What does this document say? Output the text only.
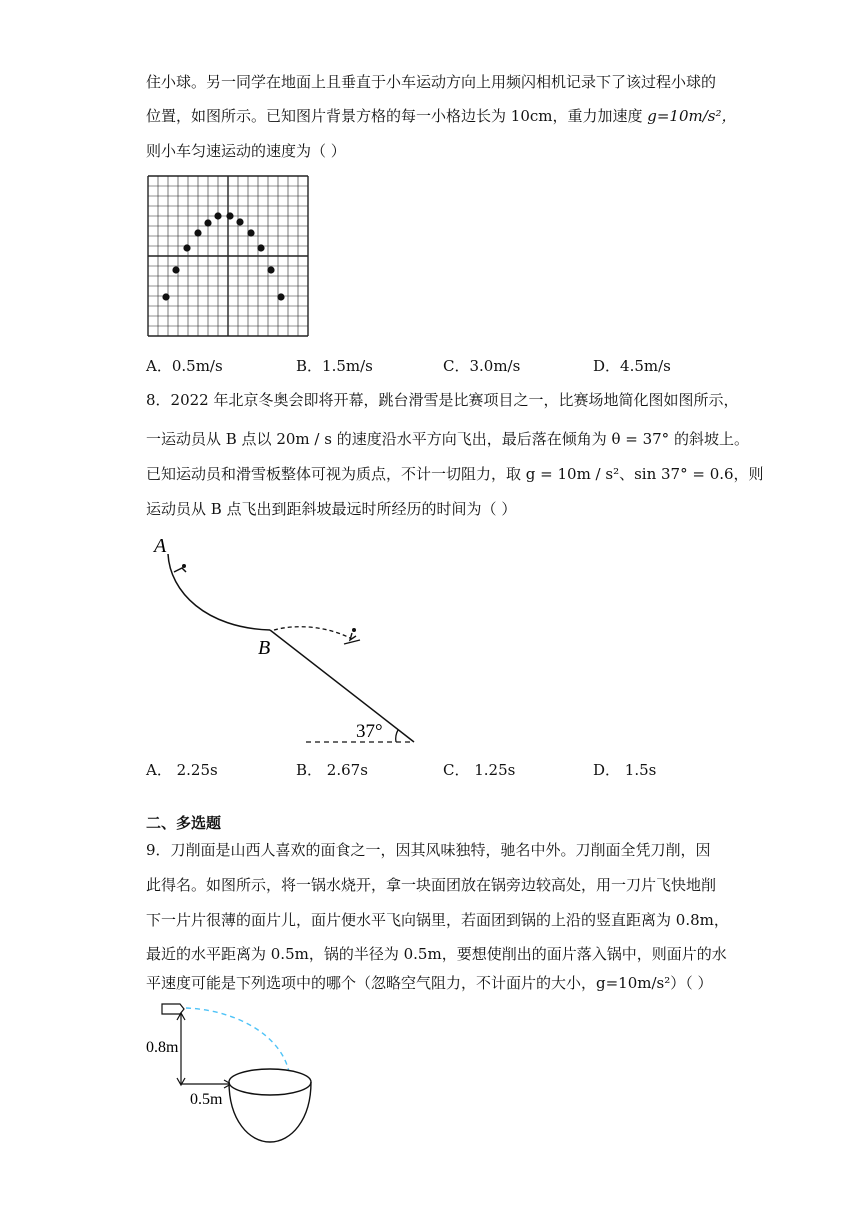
住小球。另一同学在地面上且垂直于小车运动方向上用频闪相机记录下了该过程小球的
位置，如图所示。已知图片背景方格的每一小格边长为 10cm，重力加速度 g=10m/s²，
则小车匀速运动的速度为（ ）
A．0.5m/s	B．1.5m/s	C．3.0m/s	D．4.5m/s
8．2022 年北京冬奥会即将开幕，跳台滑雪是比赛项目之一，比赛场地简化图如图所示，
一运动员从 B 点以 20m / s 的速度沿水平方向飞出，最后落在倾角为 θ = 37° 的斜坡上。
已知运动员和滑雪板整体可视为质点，不计一切阻力，取 g = 10m / s²、sin 37° = 0.6，则
运动员从 B 点飞出到距斜坡最远时所经历的时间为（ ）
A
B
37°
A． 2.25s	B． 2.67s	C． 1.25s	D． 1.5s
二、多选题
9．刀削面是山西人喜欢的面食之一，因其风味独特，驰名中外。刀削面全凭刀削，因
此得名。如图所示，将一锅水烧开，拿一块面团放在锅旁边较高处，用一刀片飞快地削
下一片片很薄的面片儿，面片便水平飞向锅里，若面团到锅的上沿的竖直距离为 0.8m，
最近的水平距离为 0.5m，锅的半径为 0.5m，要想使削出的面片落入锅中，则面片的水
平速度可能是下列选项中的哪个（忽略空气阻力，不计面片的大小，g=10m/s²）（ ）
0.8m
0.5m
